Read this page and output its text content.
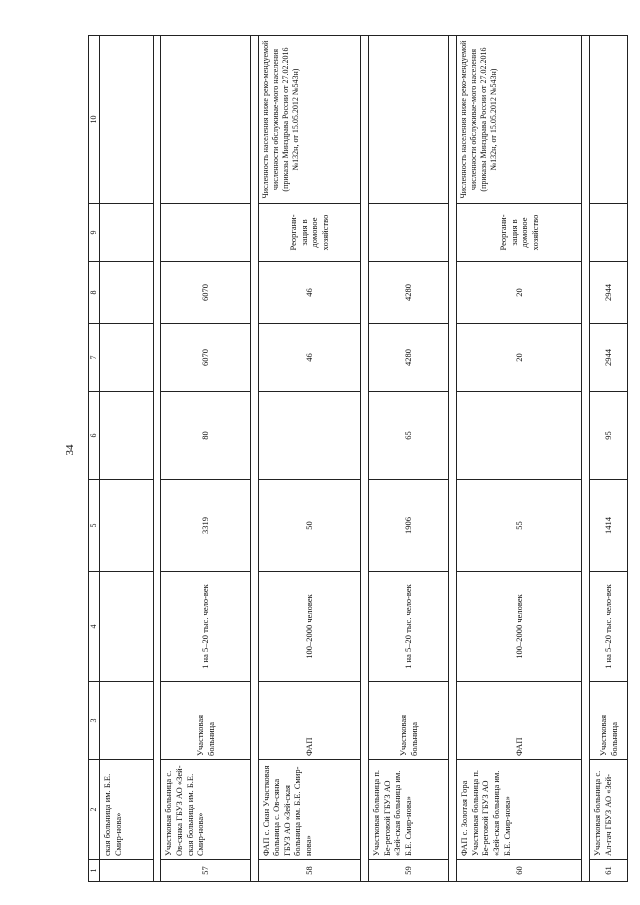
34
1	2	3	4	5	6	7	8	9	10
	ская больница им. Б.Е. Смир-нова»								

57	Участковая больница с. Ов-сянка ГБУЗ АО «Зей-ская больница им. Б.Е. Смир-нова»	Участковая больница	1 на 5–20 тыс. чело-век	3319	80	6070	6070		

58	ФАП с. Сиан Участковая больница с. Ов-сянка ГБУЗ АО «Зей-ская больница им. Б.Е. Смир-нова»	ФАП	100–2000 человек	50		46	46	Реоргани-зация в домовое хозяйство	Численность населения ниже реко-мендуемой численности обслуживае-мого населения (приказы Минздрава России от 27.02.2016 №132н, от 15.05.2012 №543н)

59	Участковая больница п. Бе-реговой ГБУЗ АО «Зей-ская больница им. Б.Е. Смир-нова»	Участковая больница	1 на 5–20 тыс. чело-век	1906	65	4280	4280		

60	ФАП с. Золотая Гора Участковая больница п. Бе-реговой ГБУЗ АО «Зей-ская больница им. Б.Е. Смир-нова»	ФАП	100–2000 человек	55		20	20	Реоргани-зация в домовое хозяйство	Численность населения ниже реко-мендуемой численности обслуживае-мого населения (приказы Минздрава России от 27.02.2016 №132н, от 15.05.2012 №543н)

61	Участковая больница с. Ал-гач ГБУЗ АО «Зей-	Участковая больница	1 на 5–20 тыс. чело-век	1414	95	2944	2944		
